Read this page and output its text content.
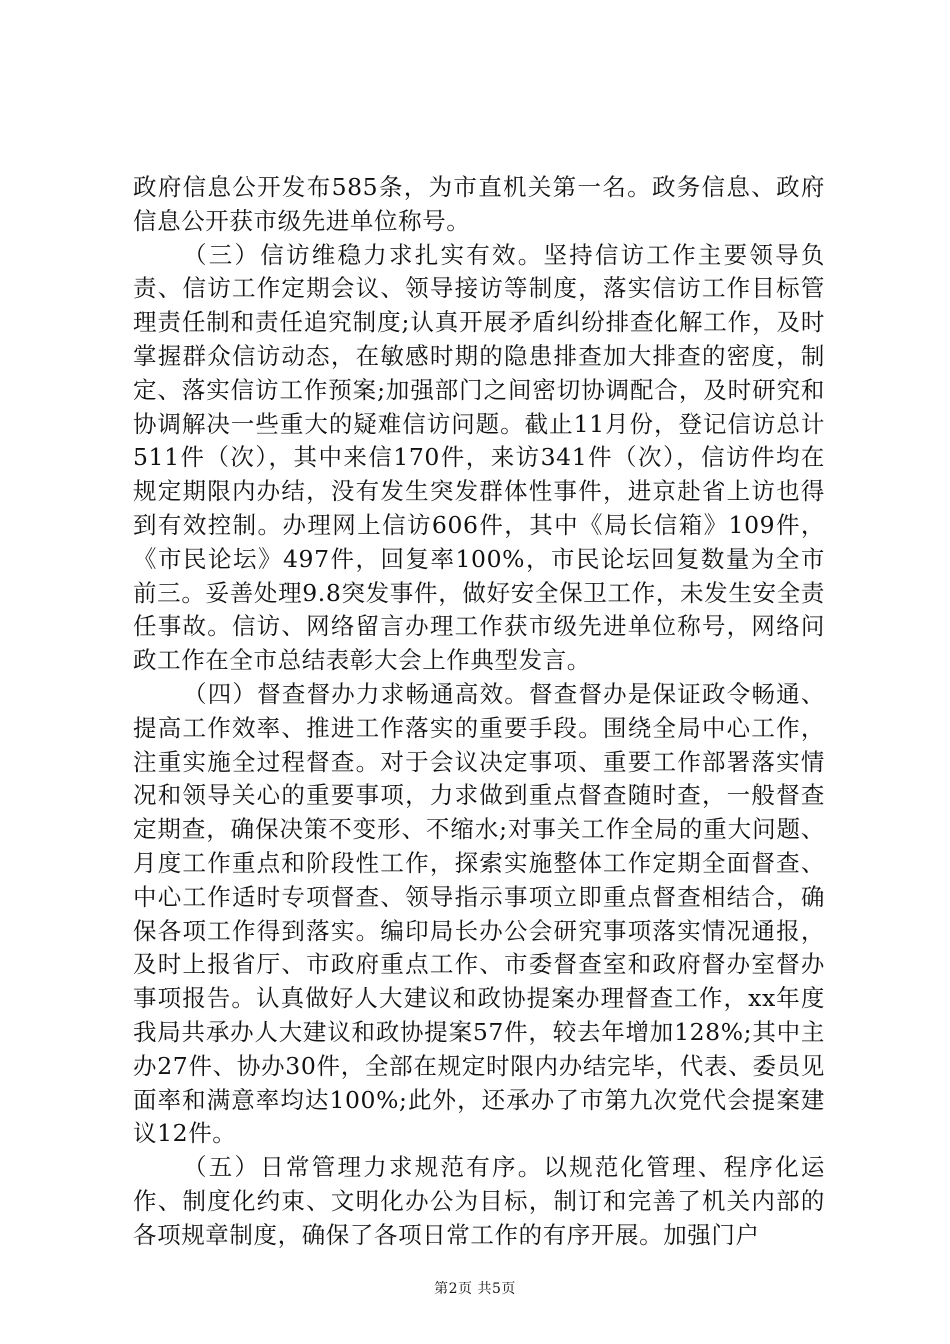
政府信息公开发布585条，为市直机关第一名。政务信息、政府信息公开获市级先进单位称号。

（三）信访维稳力求扎实有效。坚持信访工作主要领导负责、信访工作定期会议、领导接访等制度，落实信访工作目标管理责任制和责任追究制度;认真开展矛盾纠纷排查化解工作，及时掌握群众信访动态，在敏感时期的隐患排查加大排查的密度，制定、落实信访工作预案;加强部门之间密切协调配合，及时研究和协调解决一些重大的疑难信访问题。截止11月份，登记信访总计511件（次），其中来信170件，来访341件（次），信访件均在规定期限内办结，没有发生突发群体性事件，进京赴省上访也得到有效控制。办理网上信访606件，其中《局长信箱》109件，《市民论坛》497件，回复率100%，市民论坛回复数量为全市前三。妥善处理9.8突发事件，做好安全保卫工作，未发生安全责任事故。信访、网络留言办理工作获市级先进单位称号，网络问政工作在全市总结表彰大会上作典型发言。

（四）督查督办力求畅通高效。督查督办是保证政令畅通、提高工作效率、推进工作落实的重要手段。围绕全局中心工作，注重实施全过程督查。对于会议决定事项、重要工作部署落实情况和领导关心的重要事项，力求做到重点督查随时查，一般督查定期查，确保决策不变形、不缩水;对事关工作全局的重大问题、月度工作重点和阶段性工作，探索实施整体工作定期全面督查、中心工作适时专项督查、领导指示事项立即重点督查相结合，确保各项工作得到落实。编印局长办公会研究事项落实情况通报，及时上报省厅、市政府重点工作、市委督查室和政府督办室督办事项报告。认真做好人大建议和政协提案办理督查工作，xx年度我局共承办人大建议和政协提案57件，较去年增加128%;其中主办27件、协办30件，全部在规定时限内办结完毕，代表、委员见面率和满意率均达100%;此外，还承办了市第九次党代会提案建议12件。

（五）日常管理力求规范有序。以规范化管理、程序化运作、制度化约束、文明化办公为目标，制订和完善了机关内部的各项规章制度，确保了各项日常工作的有序开展。加强门户

第2页 共5页
